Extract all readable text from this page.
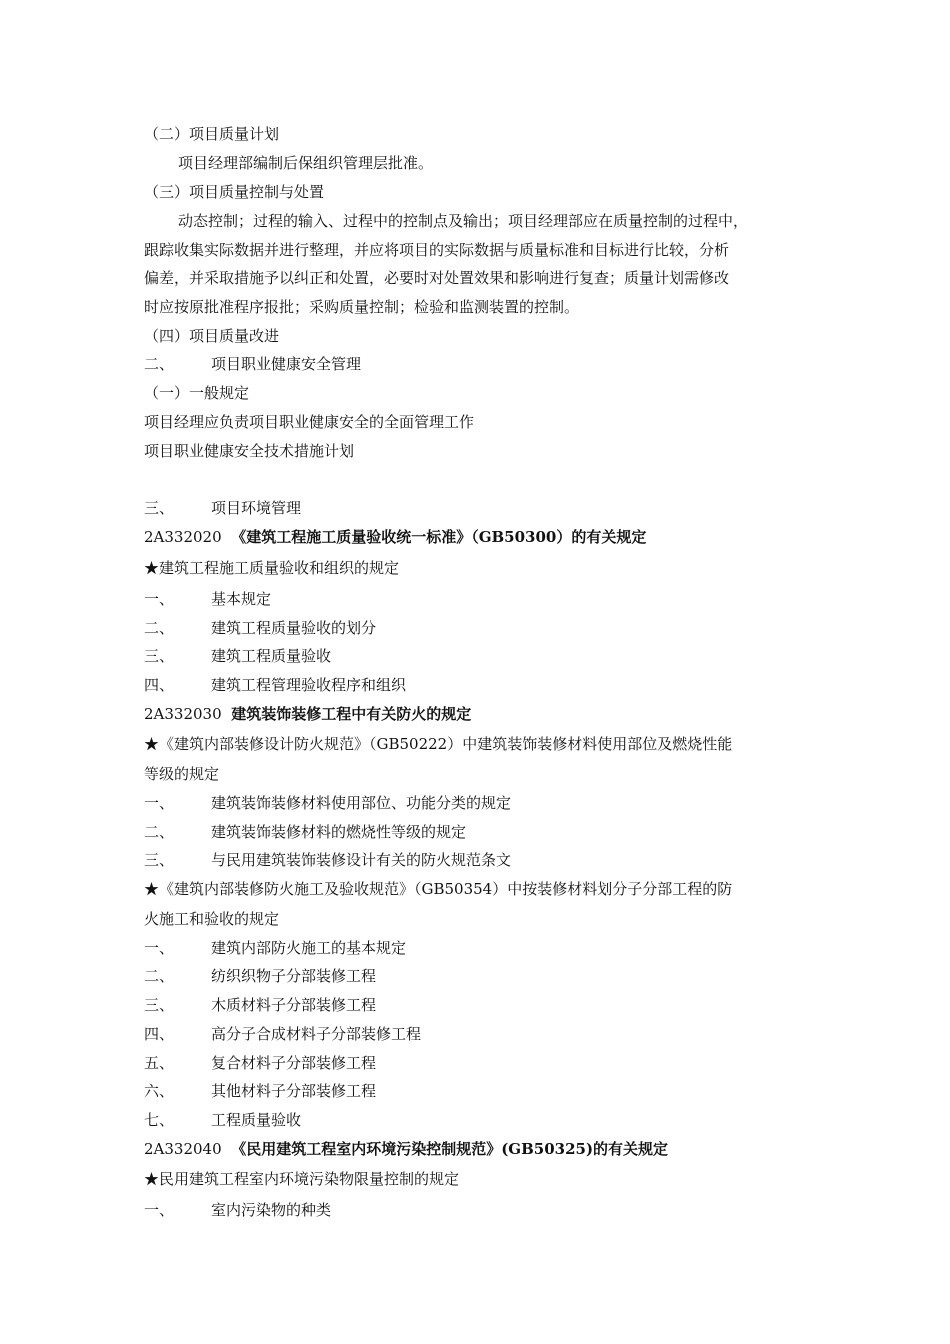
（二）项目质量计划
项目经理部编制后保组织管理层批准。
（三）项目质量控制与处置
动态控制；过程的输入、过程中的控制点及输出；项目经理部应在质量控制的过程中，
跟踪收集实际数据并进行整理，并应将项目的实际数据与质量标准和目标进行比较，分析
偏差，并采取措施予以纠正和处置，必要时对处置效果和影响进行复查；质量计划需修改
时应按原批准程序报批；采购质量控制；检验和监测装置的控制。
（四）项目质量改进
二、 项目职业健康安全管理
（一）一般规定
项目经理应负责项目职业健康安全的全面管理工作
项目职业健康安全技术措施计划
三、 项目环境管理
2A332020 《建筑工程施工质量验收统一标准》（GB50300）的有关规定
★建筑工程施工质量验收和组织的规定
一、 基本规定
二、 建筑工程质量验收的划分
三、 建筑工程质量验收
四、 建筑工程管理验收程序和组织
2A332030 建筑装饰装修工程中有关防火的规定
★《建筑内部装修设计防火规范》（GB50222）中建筑装饰装修材料使用部位及燃烧性能
等级的规定
一、 建筑装饰装修材料使用部位、功能分类的规定
二、 建筑装饰装修材料的燃烧性等级的规定
三、 与民用建筑装饰装修设计有关的防火规范条文
★《建筑内部装修防火施工及验收规范》（GB50354）中按装修材料划分子分部工程的防
火施工和验收的规定
一、 建筑内部防火施工的基本规定
二、 纺织织物子分部装修工程
三、 木质材料子分部装修工程
四、 高分子合成材料子分部装修工程
五、 复合材料子分部装修工程
六、 其他材料子分部装修工程
七、 工程质量验收
2A332040 《民用建筑工程室内环境污染控制规范》(GB50325)的有关规定
★民用建筑工程室内环境污染物限量控制的规定
一、 室内污染物的种类
